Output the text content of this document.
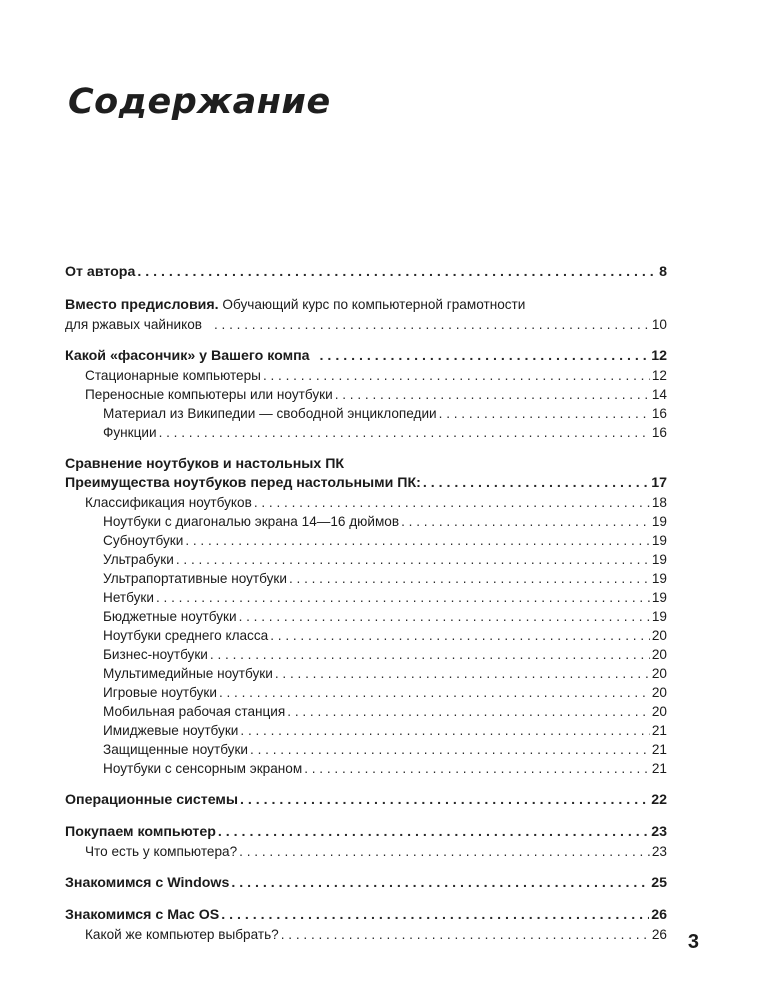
Содержание
От автора . . .	8
Вместо предисловия. Обучающий курс по компьютерной грамотности
для ржавых чайников . . .	10
Какой «фасончик» у Вашего компа . . .	12
Стационарные компьютеры . . .	12
Переносные компьютеры или ноутбуки . . .	14
Материал из Википедии — свободной энциклопедии . . .	16
Функции . . .	16
Сравнение ноутбуков и настольных ПК
Преимущества ноутбуков перед настольными ПК: . . .	17
Классификация ноутбуков . . .	18
Ноутбуки с диагональю экрана 14—16 дюймов . . .	19
Субноутбуки . . .	19
Ультрабуки . . .	19
Ультрапортативные ноутбуки . . .	19
Нетбуки . . .	19
Бюджетные ноутбуки . . .	19
Ноутбуки среднего класса . . .	20
Бизнес-ноутбуки . . .	20
Мультимедийные ноутбуки . . .	20
Игровые ноутбуки . . .	20
Мобильная рабочая станция . . .	20
Имиджевые ноутбуки . . .	21
Защищенные ноутбуки . . .	21
Ноутбуки с сенсорным экраном . . .	21
Операционные системы . . .	22
Покупаем компьютер . . .	23
Что есть у компьютера? . . .	23
Знакомимся с Windows . . .	25
Знакомимся с Mac OS . . .	26
Какой же компьютер выбрать? . . .	26 3
